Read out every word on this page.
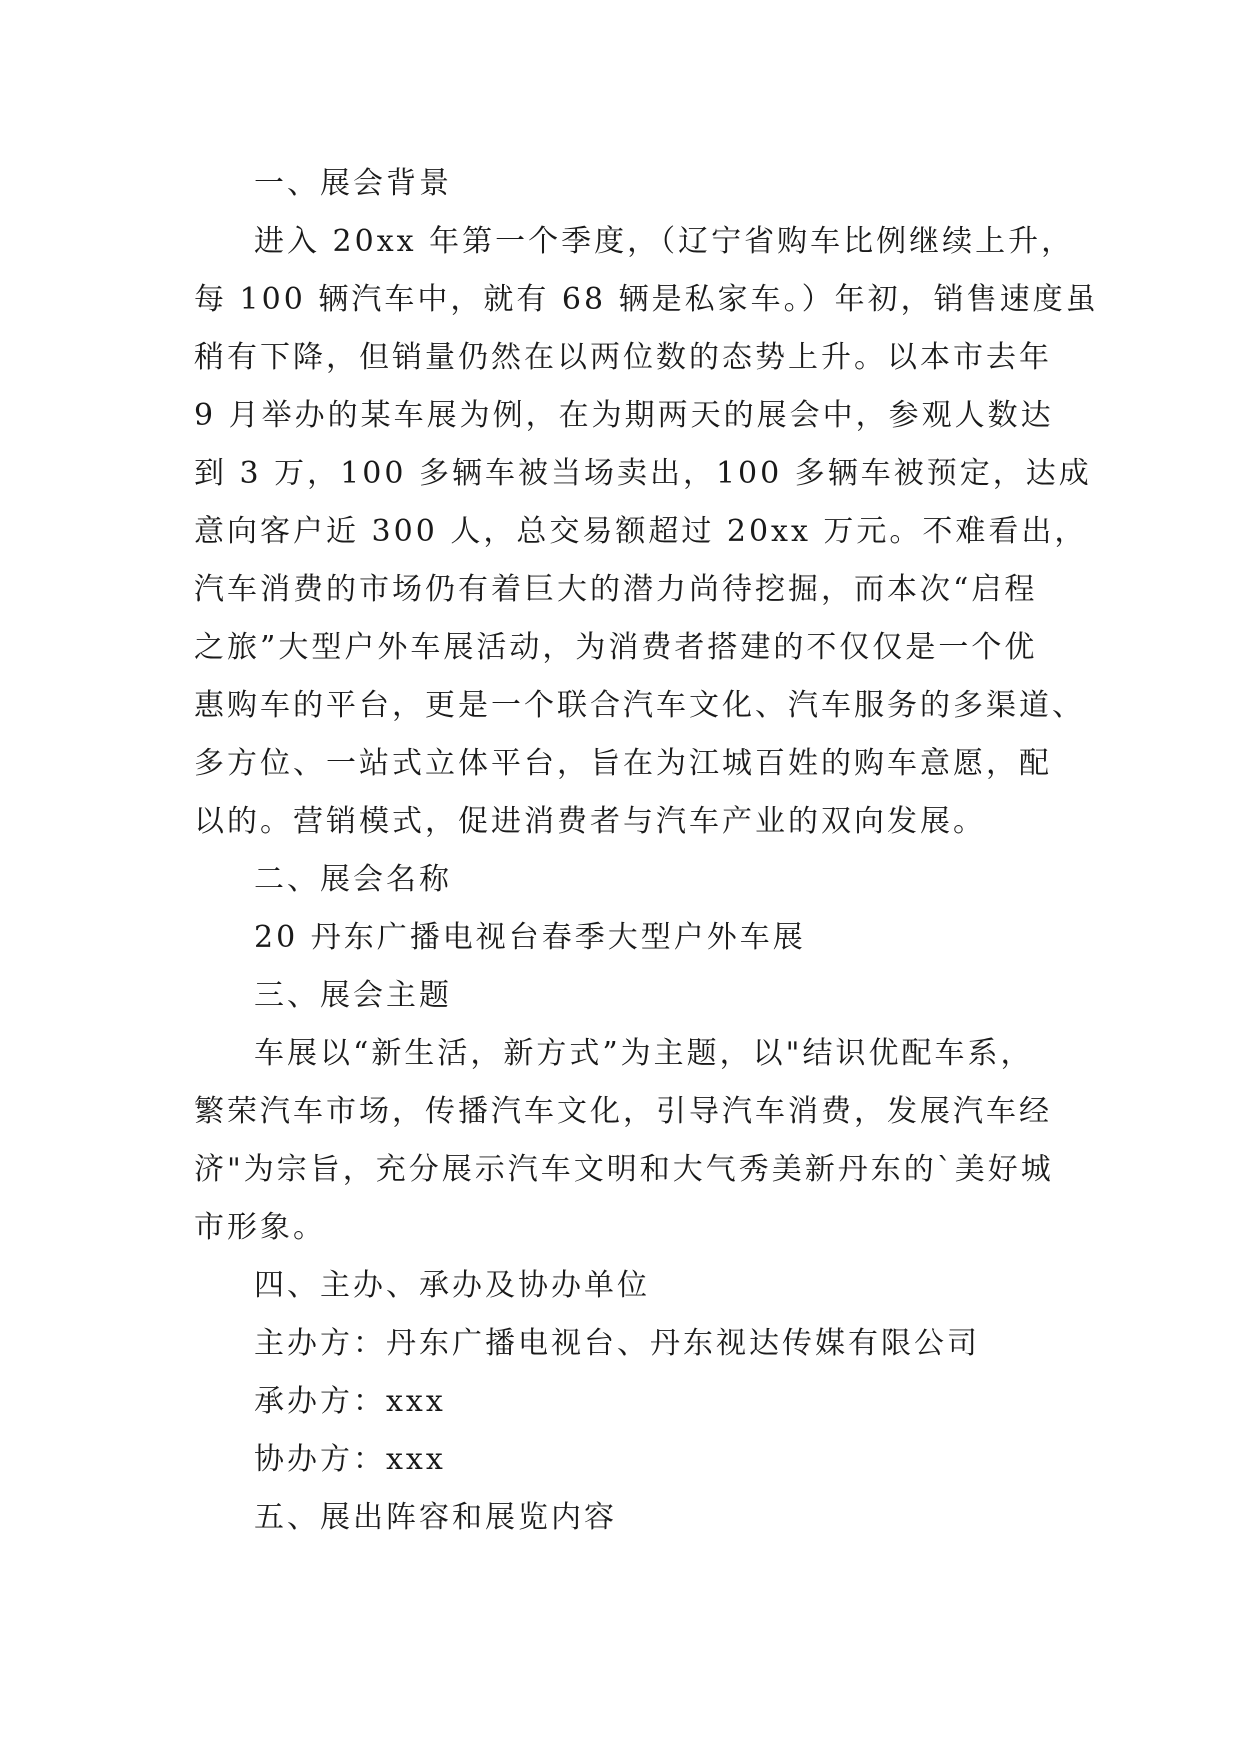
一、展会背景
进入 20xx 年第一个季度，（辽宁省购车比例继续上升，
每 100 辆汽车中，就有 68 辆是私家车。）年初，销售速度虽
稍有下降，但销量仍然在以两位数的态势上升。以本市去年
9 月举办的某车展为例，在为期两天的展会中，参观人数达
到 3 万，100 多辆车被当场卖出，100 多辆车被预定，达成
意向客户近 300 人，总交易额超过 20xx 万元。不难看出，
汽车消费的市场仍有着巨大的潜力尚待挖掘，而本次“启程
之旅”大型户外车展活动，为消费者搭建的不仅仅是一个优
惠购车的平台，更是一个联合汽车文化、汽车服务的多渠道、
多方位、一站式立体平台，旨在为江城百姓的购车意愿，配
以的。营销模式，促进消费者与汽车产业的双向发展。
二、展会名称
20 丹东广播电视台春季大型户外车展
三、展会主题
车展以“新生活，新方式”为主题，以"结识优配车系，
繁荣汽车市场，传播汽车文化，引导汽车消费，发展汽车经
济"为宗旨，充分展示汽车文明和大气秀美新丹东的`美好城
市形象。
四、主办、承办及协办单位
主办方：丹东广播电视台、丹东视达传媒有限公司
承办方：xxx
协办方：xxx
五、展出阵容和展览内容
